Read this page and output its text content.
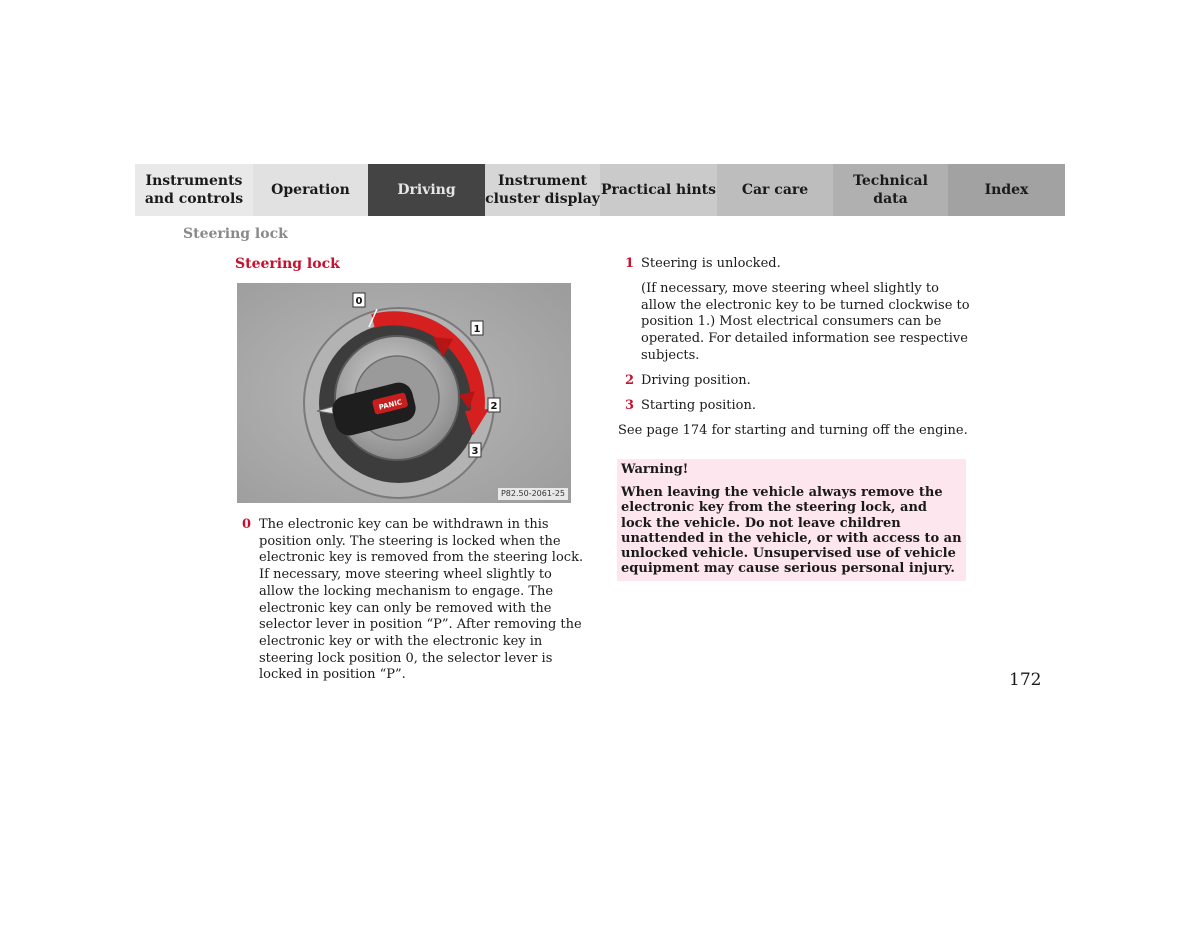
Instruments
and controls
Operation	Driving
Instrument
cluster display
Practical hints Car care
Technical
data
Index
Steering lock
Steering lock
PANIC
0
1
2
3
P82.50-2061-25
0 The electronic key can be withdrawn in this position only. The steering is locked when the electronic key is removed from the steering lock. If necessary, move steering wheel slightly to allow the locking mechanism to engage. The electronic key can only be removed with the selector lever in position “P”. After removing the electronic key or with the electronic key in steering lock position 0, the selector lever is locked in position “P”.
1 Steering is unlocked.
(If necessary, move steering wheel slightly to allow the electronic key to be turned clockwise to position 1.) Most electrical consumers can be operated. For detailed information see respective subjects.
2 Driving position.
3 Starting position.
See page 174 for starting and turning off the engine.
Warning!
When leaving the vehicle always remove the electronic key from the steering lock, and lock the vehicle. Do not leave children unattended in the vehicle, or with access to an unlocked vehicle. Unsupervised use of vehicle equipment may cause serious personal injury.
172
